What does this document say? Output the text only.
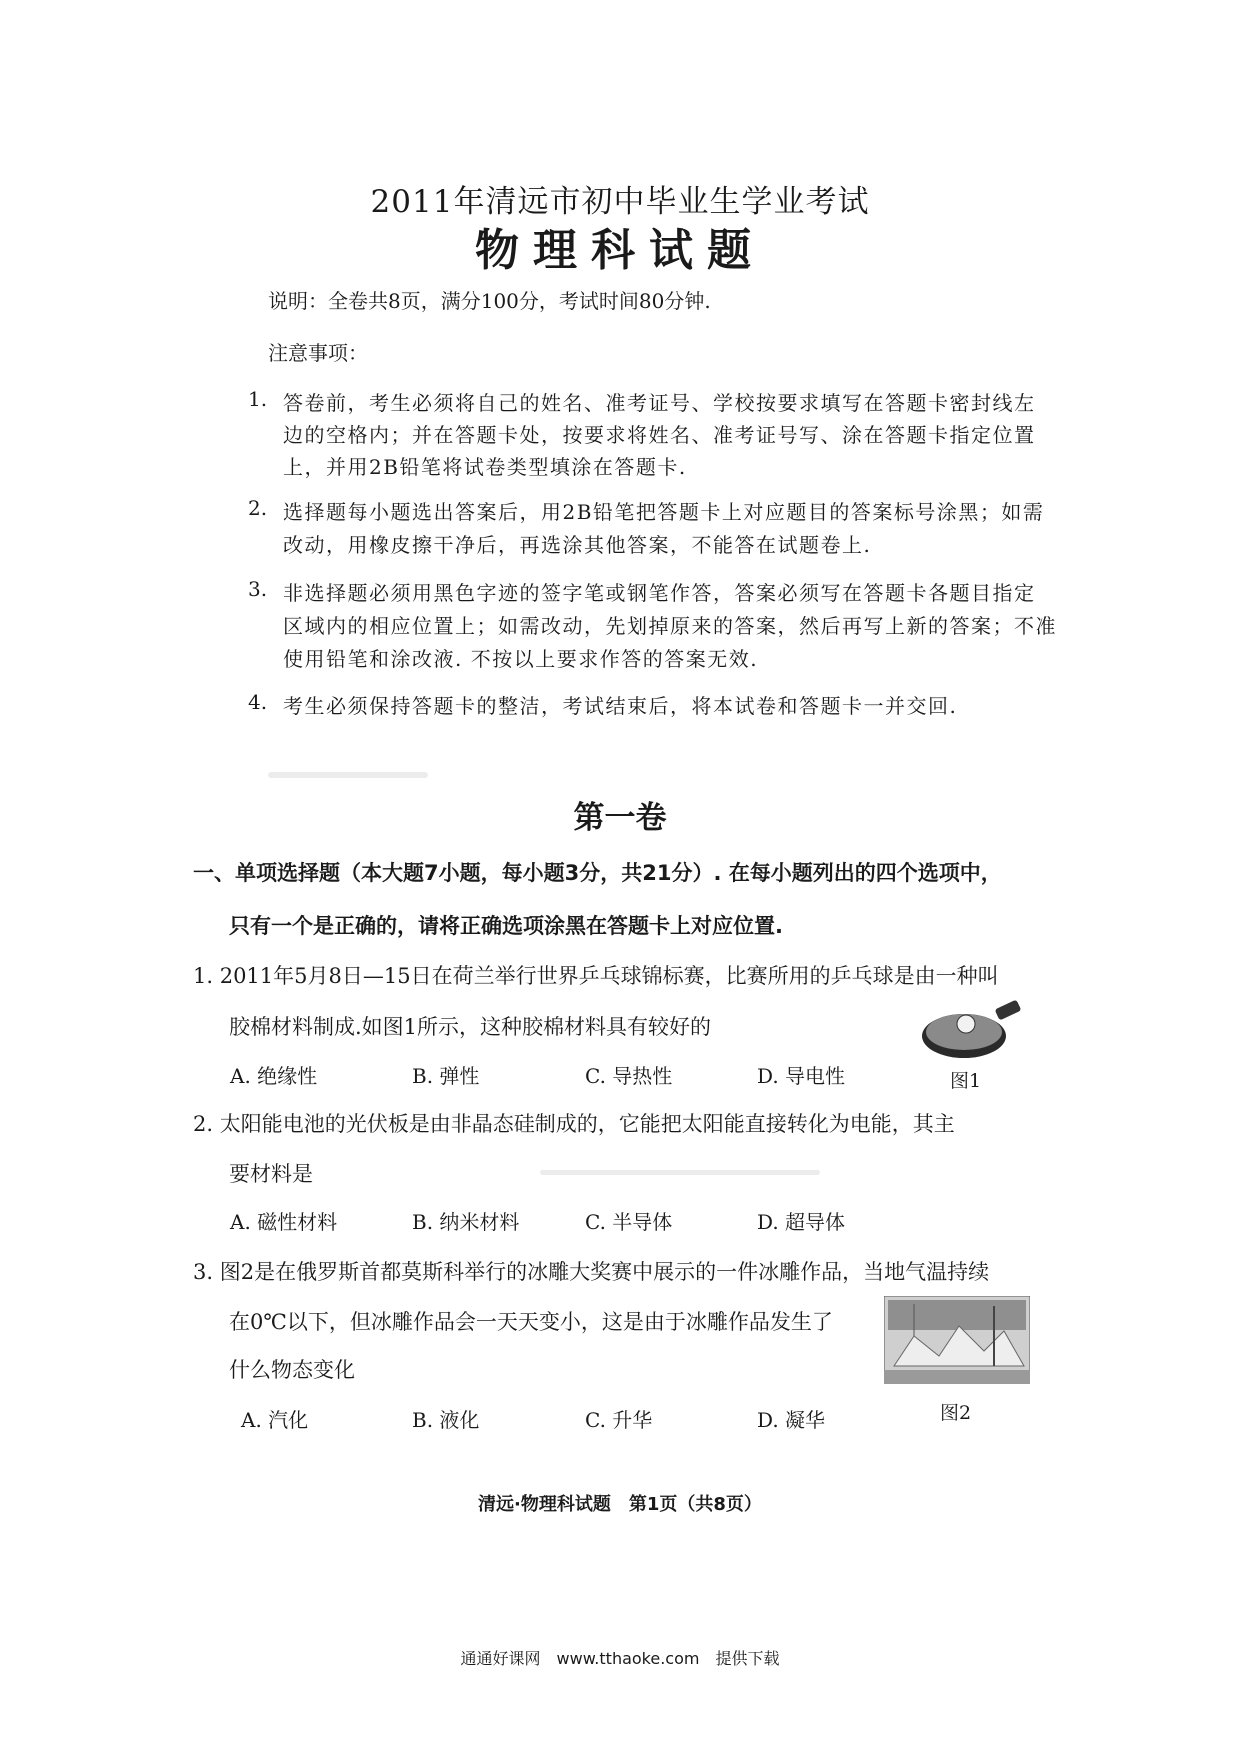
2011年清远市初中毕业生学业考试
物理科试题
说明：全卷共8页，满分100分，考试时间80分钟.
注意事项：
1. 答卷前，考生必须将自己的姓名、准考证号、学校按要求填写在答题卡密封线左
边的空格内；并在答题卡处，按要求将姓名、准考证号写、涂在答题卡指定位置
上，并用2B铅笔将试卷类型填涂在答题卡.
2. 选择题每小题选出答案后，用2B铅笔把答题卡上对应题目的答案标号涂黑；如需
改动，用橡皮擦干净后，再选涂其他答案，不能答在试题卷上.
3. 非选择题必须用黑色字迹的签字笔或钢笔作答，答案必须写在答题卡各题目指定
区域内的相应位置上；如需改动，先划掉原来的答案，然后再写上新的答案；不准
使用铅笔和涂改液. 不按以上要求作答的答案无效.
4. 考生必须保持答题卡的整洁，考试结束后，将本试卷和答题卡一并交回.
第一卷
一、单项选择题（本大题7小题，每小题3分，共21分）. 在每小题列出的四个选项中，
只有一个是正确的，请将正确选项涂黑在答题卡上对应位置.
1. 2011年5月8日—15日在荷兰举行世界乒乓球锦标赛，比赛所用的乒乓球是由一种叫
胶棉材料制成.如图1所示，这种胶棉材料具有较好的
A. 绝缘性	B. 弹性	C. 导热性	D. 导电性	图1
2. 太阳能电池的光伏板是由非晶态硅制成的，它能把太阳能直接转化为电能，其主
要材料是
A. 磁性材料	B. 纳米材料	C. 半导体	D. 超导体
3. 图2是在俄罗斯首都莫斯科举行的冰雕大奖赛中展示的一件冰雕作品，当地气温持续
在0℃以下，但冰雕作品会一天天变小，这是由于冰雕作品发生了
什么物态变化
A. 汽化	B. 液化	C. 升华	D. 凝华	图2
清远·物理科试题　第1页（共8页）
通通好课网　www.tthaoke.com　提供下载
